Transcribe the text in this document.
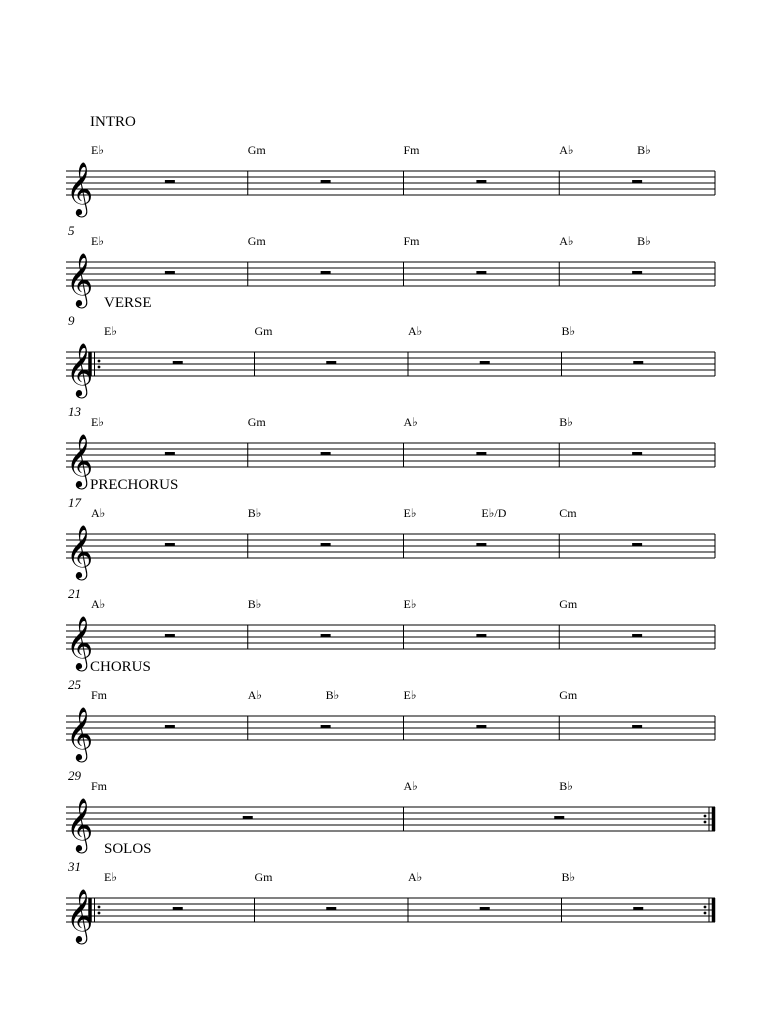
𝄞
INTRO
E♭	Gm	Fm	A♭	B♭
𝄞
5
E♭	Gm	Fm	A♭	B♭
𝄞
VERSE
9
E♭	Gm	A♭	B♭
𝄞
13
E♭	Gm	A♭	B♭
𝄞
PRECHORUS
17
A♭	B♭	E♭	E♭/D	Cm
𝄞
21
A♭	B♭	E♭	Gm
𝄞
CHORUS
25
Fm	A♭	B♭	E♭	Gm
𝄞
29
Fm	A♭	B♭
𝄞
SOLOS
31
E♭	Gm	A♭	B♭
